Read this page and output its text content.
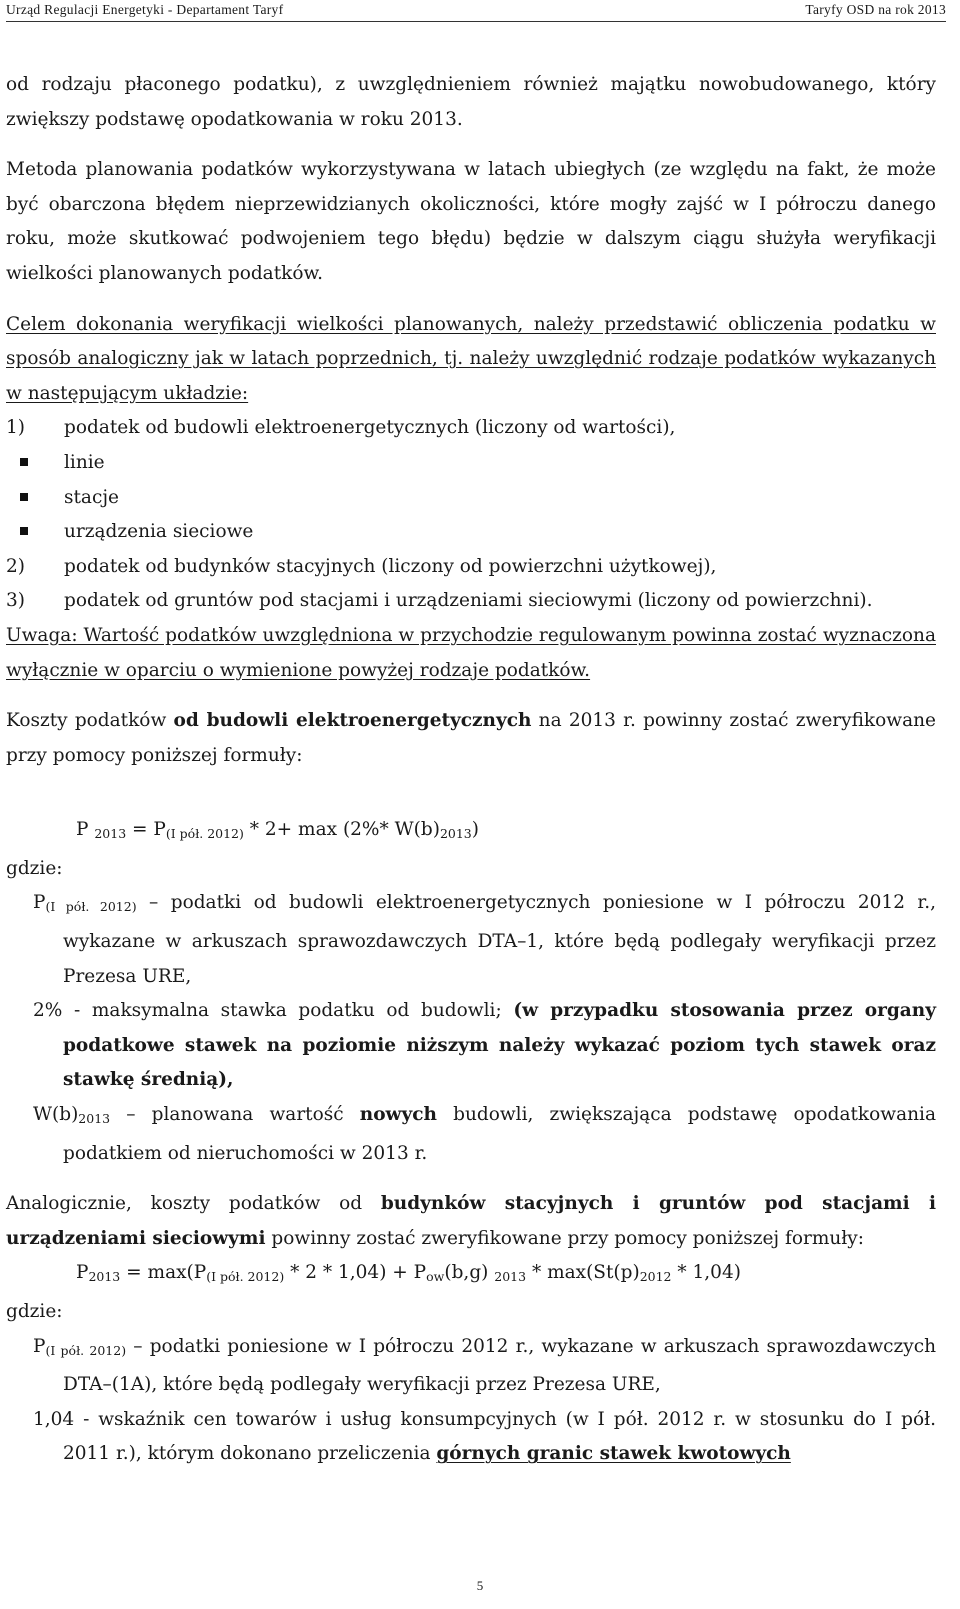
Urząd Regulacji Energetyki - Departament Taryf	Taryfy OSD na rok 2013

od rodzaju płaconego podatku), z uwzględnieniem również majątku nowobudowanego, który zwiększy podstawę opodatkowania w roku 2013.

Metoda planowania podatków wykorzystywana w latach ubiegłych (ze względu na fakt, że może być obarczona błędem nieprzewidzianych okoliczności, które mogły zajść w I półroczu danego roku, może skutkować podwojeniem tego błędu) będzie w dalszym ciągu służyła weryfikacji wielkości planowanych podatków.

Celem dokonania weryfikacji wielkości planowanych, należy przedstawić obliczenia podatku w sposób analogiczny jak w latach poprzednich, tj. należy uwzględnić rodzaje podatków wykazanych w następującym układzie:

1)	podatek od budowli elektroenergetycznych (liczony od wartości),
linie
stacje
urządzenia sieciowe
2)	podatek od budynków stacyjnych (liczony od powierzchni użytkowej),
3)	podatek od gruntów pod stacjami i urządzeniami sieciowymi (liczony od powierzchni).

Uwaga: Wartość podatków uwzględniona w przychodzie regulowanym powinna zostać wyznaczona wyłącznie w oparciu o wymienione powyżej rodzaje podatków.

Koszty podatków od budowli elektroenergetycznych na 2013 r. powinny zostać zweryfikowane przy pomocy poniższej formuły:

P $_{2013} = P_{(I pół. 2012)} * 2+ \max (2\%*$ $W(b)_{2013}$)
gdzie:
$P_{(I pół. 2012)}$ – podatki od budowli elektroenergetycznych poniesione w I półroczu 2012 r., wykazane w arkuszach sprawozdawczych DTA–1, które będą podlegały weryfikacji przez Prezesa URE,
2% - maksymalna stawka podatku od budowli; (w przypadku stosowania przez organy podatkowe stawek na poziomie niższym należy wykazać poziom tych stawek oraz stawkę średnią),
$W(b)_{2013}$ – planowana wartość nowych budowli, zwiększająca podstawę opodatkowania podatkiem od nieruchomości w 2013 r.

Analogicznie, koszty podatków od budynków stacyjnych i gruntów pod stacjami i urządzeniami sieciowymi powinny zostać zweryfikowane przy pomocy poniższej formuły:

$P_{2013} = \max(P_{(I pół. 2012)} * 2 * 1,04) + P_{ow}(b,g)$ $_{2013} * \max(St(p)_{2012} * 1,04)$
gdzie:
$P_{(I pół. 2012)}$ – podatki poniesione w I półroczu 2012 r., wykazane w arkuszach sprawozdawczych DTA–(1A), które będą podlegały weryfikacji przez Prezesa URE,
1,04 - wskaźnik cen towarów i usług konsumpcyjnych (w I pół. 2012 r. w stosunku do I pół. 2011 r.), którym dokonano przeliczenia górnych granic stawek kwotowych
5
